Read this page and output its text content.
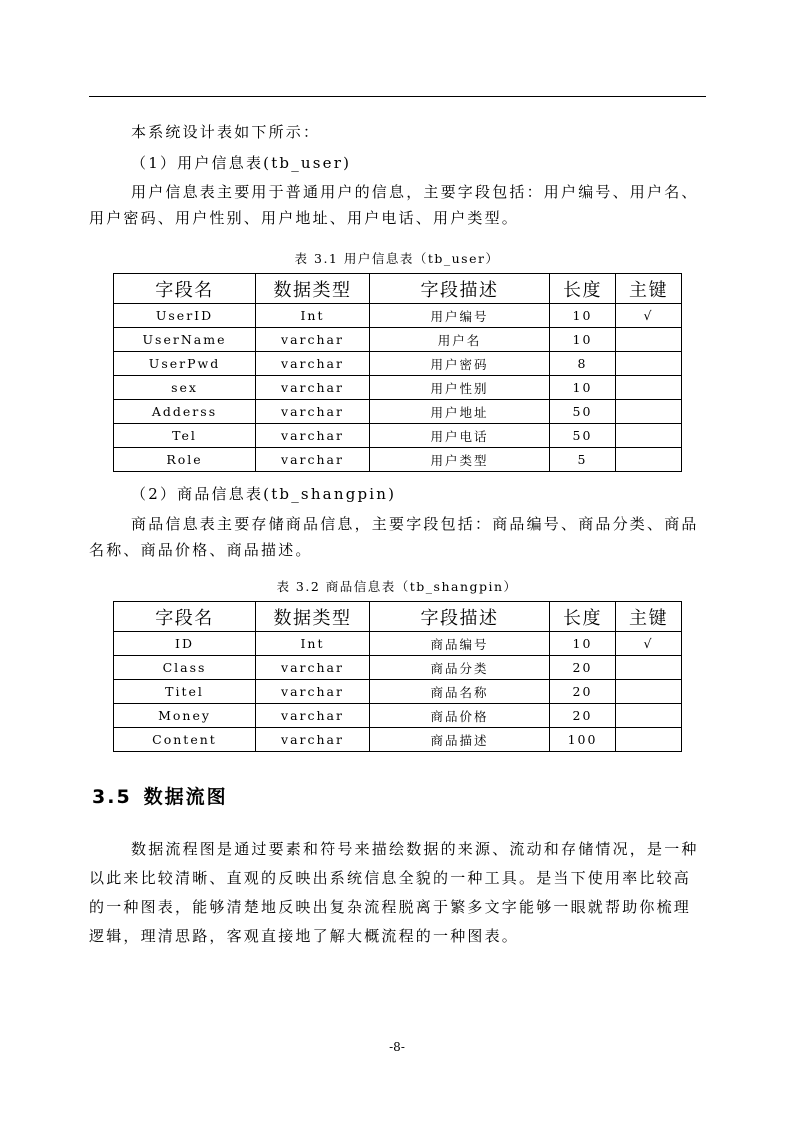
本系统设计表如下所示：
（1）用户信息表(tb_user)

用户信息表主要用于普通用户的信息，主要字段包括：用户编号、用户名、用户密码、用户性别、用户地址、用户电话、用户类型。

表 3.1 用户信息表（tb_user）
字段名	数据类型	字段描述	长度	主键
UserID	Int	用户编号	10	√
UserName	varchar	用户名	10	
UserPwd	varchar	用户密码	8	
sex	varchar	用户性别	10	
Adderss	varchar	用户地址	50	
Tel	varchar	用户电话	50	
Role	varchar	用户类型	5	
（2）商品信息表(tb_shangpin)

商品信息表主要存储商品信息，主要字段包括：商品编号、商品分类、商品名称、商品价格、商品描述。

表 3.2 商品信息表（tb_shangpin）
字段名	数据类型	字段描述	长度	主键
ID	Int	商品编号	10	√
Class	varchar	商品分类	20	
Titel	varchar	商品名称	20	
Money	varchar	商品价格	20	
Content	varchar	商品描述	100	
3.5 数据流图

数据流程图是通过要素和符号来描绘数据的来源、流动和存储情况，是一种以此来比较清晰、直观的反映出系统信息全貌的一种工具。是当下使用率比较高的一种图表，能够清楚地反映出复杂流程脱离于繁多文字能够一眼就帮助你梳理逻辑，理清思路，客观直接地了解大概流程的一种图表。

-8-
